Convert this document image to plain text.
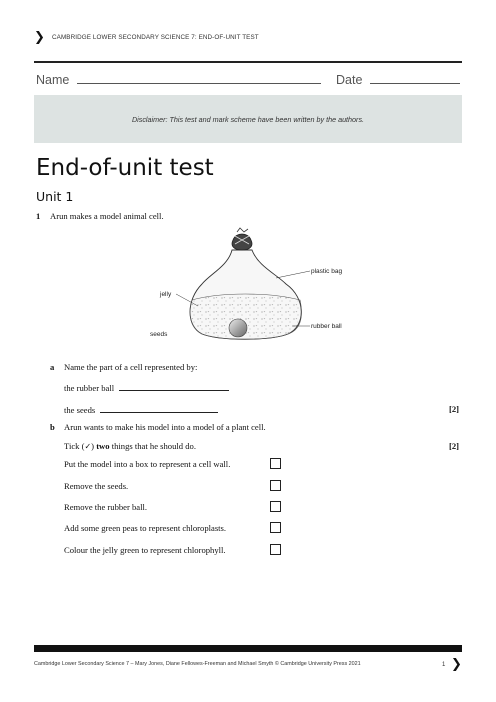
❯ CAMBRIDGE LOWER SECONDARY SCIENCE 7: END-OF-UNIT TEST
Name	Date
Disclaimer: This test and mark scheme have been written by the authors.
End-of-unit test
Unit 1
1 Arun makes a model animal cell.
plastic bag
jelly
seeds
rubber ball
a Name the part of a cell represented by:
the rubber ball
the seeds	[2]
b Arun wants to make his model into a model of a plant cell.
Tick (✓) two things that he should do.	[2]
Put the model into a box to represent a cell wall.
Remove the seeds.
Remove the rubber ball.
Add some green peas to represent chloroplasts.
Colour the jelly green to represent chlorophyll.
Cambridge Lower Secondary Science 7 – Mary Jones, Diane Fellowes-Freeman and Michael Smyth © Cambridge University Press 2021	1 ❯
